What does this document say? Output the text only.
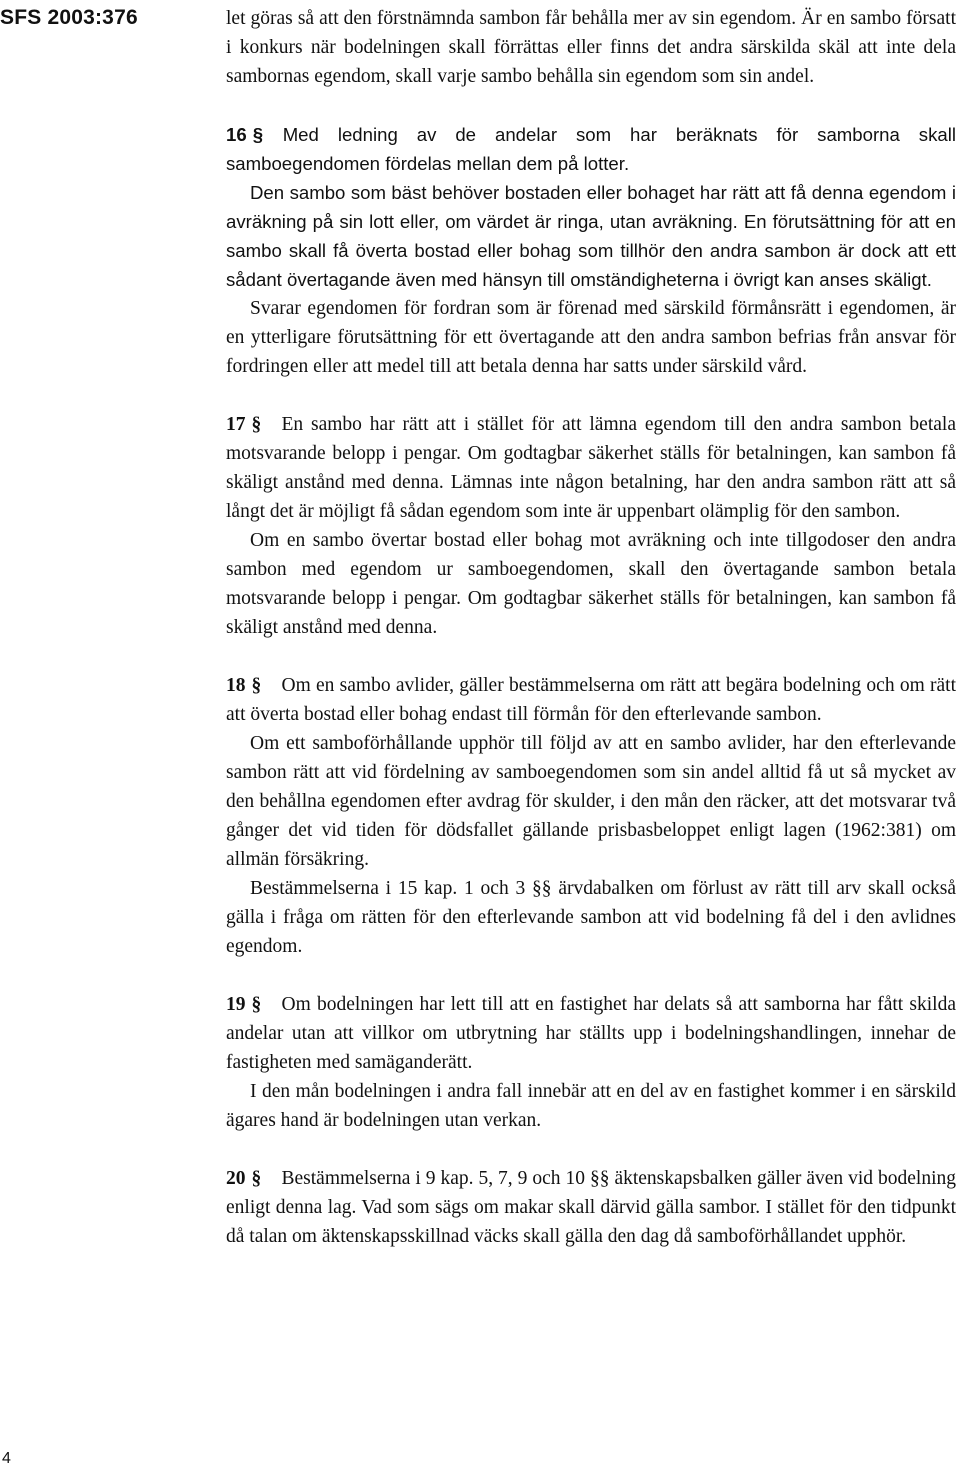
SFS 2003:376
4

let göras så att den förstnämnda sambon får behålla mer av sin egendom. Är en sambo försatt i konkurs när bodelningen skall förrättas eller finns det andra särskilda skäl att inte dela sambornas egendom, skall varje sambo behålla sin egendom som sin andel.

16 § Med ledning av de andelar som har beräknats för samborna skall samboegendomen fördelas mellan dem på lotter.

Den sambo som bäst behöver bostaden eller bohaget har rätt att få denna egendom i avräkning på sin lott eller, om värdet är ringa, utan avräkning. En förutsättning för att en sambo skall få överta bostad eller bohag som tillhör den andra sambon är dock att ett sådant övertagande även med hänsyn till omständigheterna i övrigt kan anses skäligt.

Svarar egendomen för fordran som är förenad med särskild förmånsrätt i egendomen, är en ytterligare förutsättning för ett övertagande att den andra sambon befrias från ansvar för fordringen eller att medel till att betala denna har satts under särskild vård.

17 § En sambo har rätt att i stället för att lämna egendom till den andra sambon betala motsvarande belopp i pengar. Om godtagbar säkerhet ställs för betalningen, kan sambon få skäligt anstånd med denna. Lämnas inte någon betalning, har den andra sambon rätt att så långt det är möjligt få sådan egendom som inte är uppenbart olämplig för den sambon.

Om en sambo övertar bostad eller bohag mot avräkning och inte tillgodoser den andra sambon med egendom ur samboegendomen, skall den övertagande sambon betala motsvarande belopp i pengar. Om godtagbar säkerhet ställs för betalningen, kan sambon få skäligt anstånd med denna.

18 § Om en sambo avlider, gäller bestämmelserna om rätt att begära bodelning och om rätt att överta bostad eller bohag endast till förmån för den efterlevande sambon.

Om ett samboförhållande upphör till följd av att en sambo avlider, har den efterlevande sambon rätt att vid fördelning av samboegendomen som sin andel alltid få ut så mycket av den behållna egendomen efter avdrag för skulder, i den mån den räcker, att det motsvarar två gånger det vid tiden för dödsfallet gällande prisbasbeloppet enligt lagen (1962:381) om allmän försäkring.

Bestämmelserna i 15 kap. 1 och 3 §§ ärvdabalken om förlust av rätt till arv skall också gälla i fråga om rätten för den efterlevande sambon att vid bodelning få del i den avlidnes egendom.

19 § Om bodelningen har lett till att en fastighet har delats så att samborna har fått skilda andelar utan att villkor om utbrytning har ställts upp i bodelningshandlingen, innehar de fastigheten med samäganderätt.

I den mån bodelningen i andra fall innebär att en del av en fastighet kommer i en särskild ägares hand är bodelningen utan verkan.

20 § Bestämmelserna i 9 kap. 5, 7, 9 och 10 §§ äktenskapsbalken gäller även vid bodelning enligt denna lag. Vad som sägs om makar skall därvid gälla sambor. I stället för den tidpunkt då talan om äktenskapsskillnad väcks skall gälla den dag då samboförhållandet upphör.
